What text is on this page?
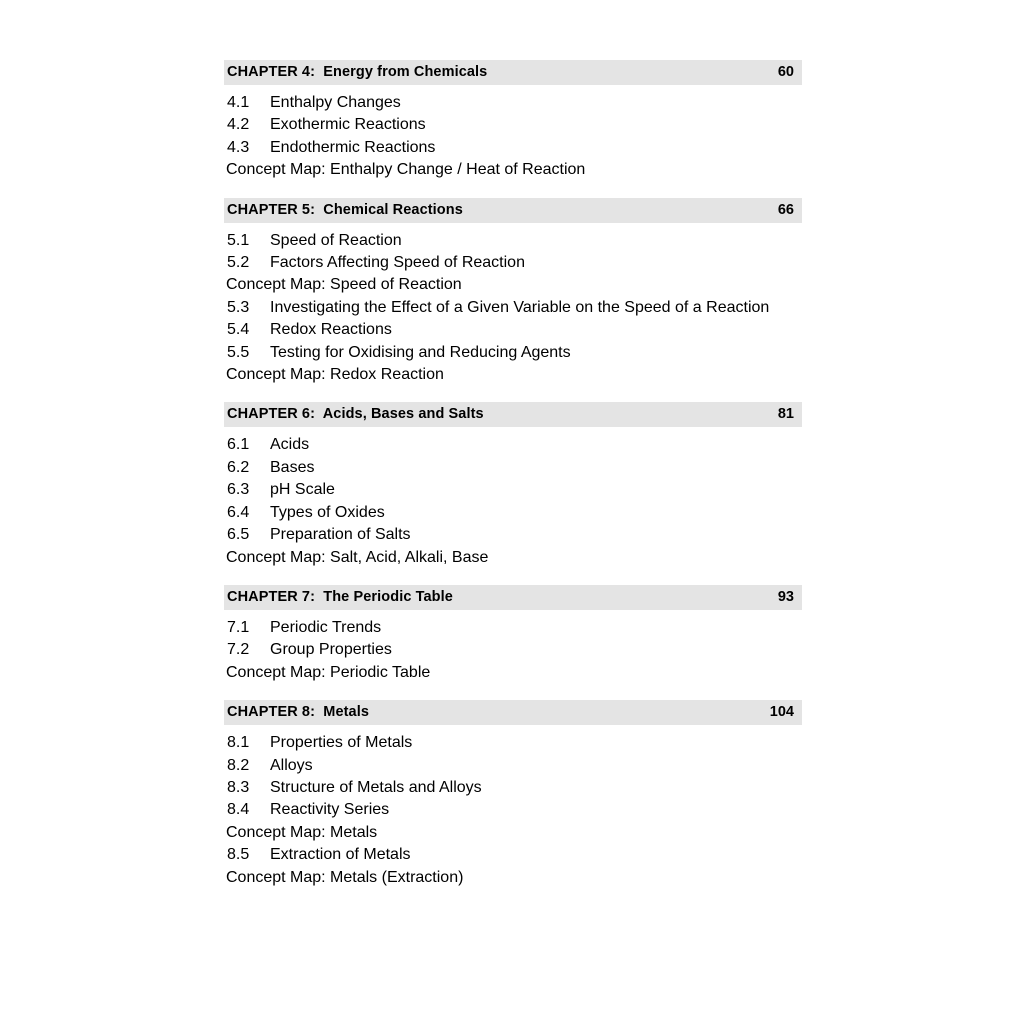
CHAPTER 4:  Energy from Chemicals	60
4.1	Enthalpy Changes
4.2	Exothermic Reactions
4.3	Endothermic Reactions
Concept Map: Enthalpy Change / Heat of Reaction
CHAPTER 5:  Chemical Reactions	66
5.1	Speed of Reaction
5.2	Factors Affecting Speed of Reaction
Concept Map: Speed of Reaction
5.3	Investigating the Effect of a Given Variable on the Speed of a Reaction
5.4	Redox Reactions
5.5	Testing for Oxidising and Reducing Agents
Concept Map: Redox Reaction
CHAPTER 6:  Acids, Bases and Salts	81
6.1	Acids
6.2	Bases
6.3	pH Scale
6.4	Types of Oxides
6.5	Preparation of Salts
Concept Map: Salt, Acid, Alkali, Base
CHAPTER 7:  The Periodic Table	93
7.1	Periodic Trends
7.2	Group Properties
Concept Map: Periodic Table
CHAPTER 8:  Metals	104
8.1	Properties of Metals
8.2	Alloys
8.3	Structure of Metals and Alloys
8.4	Reactivity Series
Concept Map: Metals
8.5	Extraction of Metals
Concept Map: Metals (Extraction)
